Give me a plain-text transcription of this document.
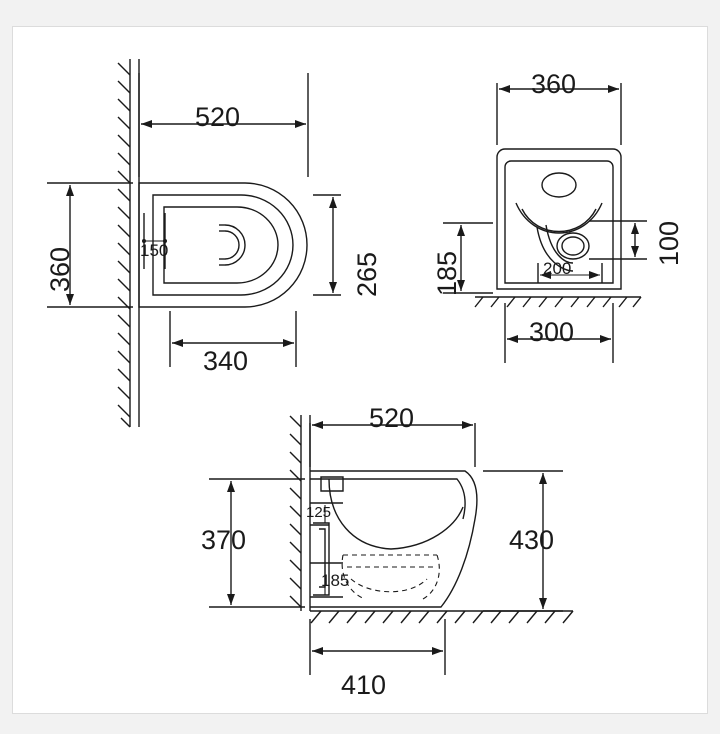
520
360	265
340
150
360
100
185	200
300
520
370	430
125
185
410
